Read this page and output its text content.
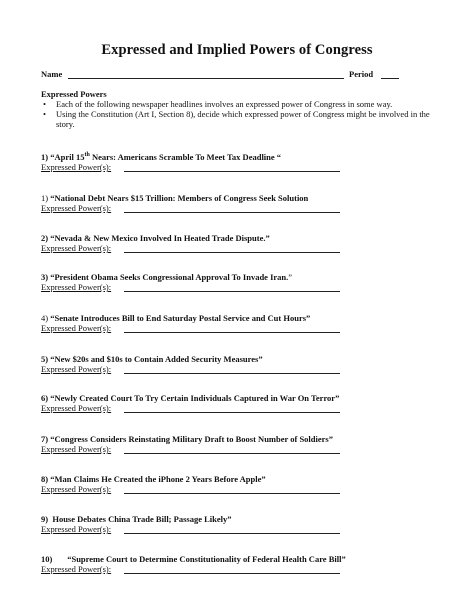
Expressed and Implied Powers of Congress
Name	Period
Expressed Powers

• Each of the following newspaper headlines involves an expressed power of Congress in some way.

• Using the Constitution (Art I, Section 8), decide which expressed power of Congress might be involved in the story.

1) “April 15th Nears: Americans Scramble To Meet Tax Deadline “
Expressed Power(s):
1) “National Debt Nears $15 Trillion: Members of Congress Seek Solution
Expressed Power(s):
2) “Nevada & New Mexico Involved In Heated Trade Dispute.”
Expressed Power(s):
3) “President Obama Seeks Congressional Approval To Invade Iran.”
Expressed Power(s):
4) “Senate Introduces Bill to End Saturday Postal Service and Cut Hours”
Expressed Power(s):
5) “New $20s and $10s to Contain Added Security Measures”
Expressed Power(s):
6) “Newly Created Court To Try Certain Individuals Captured in War On Terror”
Expressed Power(s):
7) “Congress Considers Reinstating Military Draft to Boost Number of Soldiers”
Expressed Power(s):
8) “Man Claims He Created the iPhone 2 Years Before Apple”
Expressed Power(s):
9) House Debates China Trade Bill; Passage Likely”
Expressed Power(s):
10) “Supreme Court to Determine Constitutionality of Federal Health Care Bill”
Expressed Power(s):
